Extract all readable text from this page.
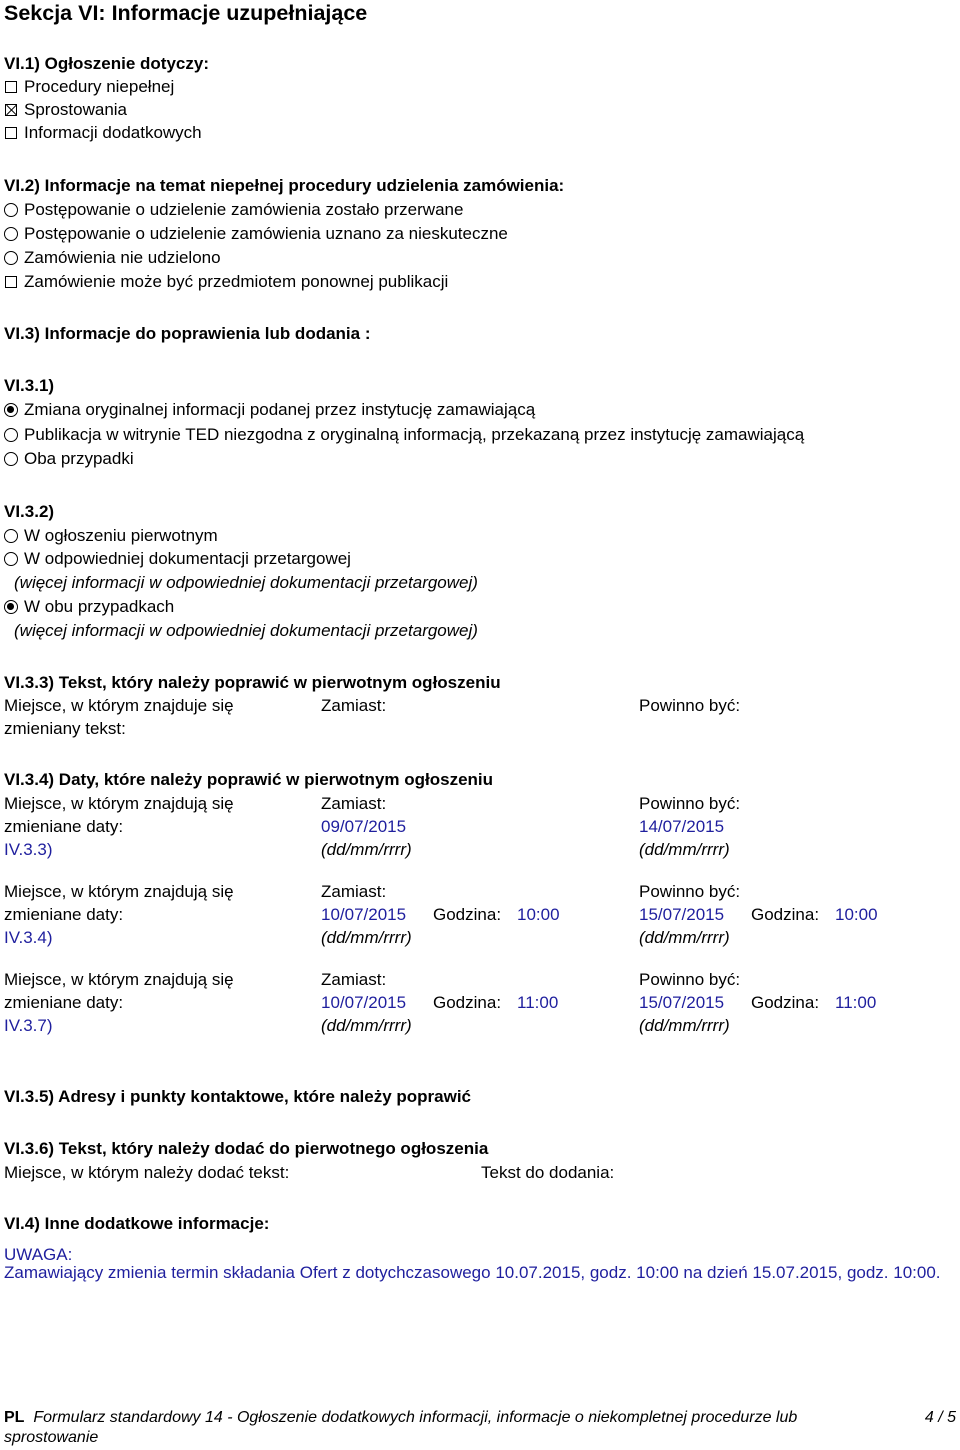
Sekcja VI: Informacje uzupełniające
VI.1) Ogłoszenie dotyczy:
Procedury niepełnej
Sprostowania
Informacji dodatkowych
VI.2) Informacje na temat niepełnej procedury udzielenia zamówienia:
Postępowanie o udzielenie zamówienia zostało przerwane
Postępowanie o udzielenie zamówienia uznano za nieskuteczne
Zamówienia nie udzielono
Zamówienie może być przedmiotem ponownej publikacji
VI.3) Informacje do poprawienia lub dodania :
VI.3.1)
Zmiana oryginalnej informacji podanej przez instytucję zamawiającą
Publikacja w witrynie TED niezgodna z oryginalną informacją, przekazaną przez instytucję zamawiającą
Oba przypadki
VI.3.2)
W ogłoszeniu pierwotnym
W odpowiedniej dokumentacji przetargowej
(więcej informacji w odpowiedniej dokumentacji przetargowej)
W obu przypadkach
(więcej informacji w odpowiedniej dokumentacji przetargowej)
VI.3.3) Tekst, który należy poprawić w pierwotnym ogłoszeniu
Miejsce, w którym znajduje się	Zamiast:	Powinno być:
zmieniany tekst:
VI.3.4) Daty, które należy poprawić w pierwotnym ogłoszeniu
Miejsce, w którym znajdują się	Zamiast:	Powinno być:
zmieniane daty:	09/07/2015	14/07/2015
IV.3.3)	(dd/mm/rrrr)	(dd/mm/rrrr)
Miejsce, w którym znajdują się	Zamiast:	Powinno być:
zmieniane daty:	10/07/2015 Godzina: 10:00	15/07/2015 Godzina: 10:00
IV.3.4)	(dd/mm/rrrr)	(dd/mm/rrrr)
Miejsce, w którym znajdują się	Zamiast:	Powinno być:
zmieniane daty:	10/07/2015 Godzina: 11:00	15/07/2015 Godzina: 11:00
IV.3.7)	(dd/mm/rrrr)	(dd/mm/rrrr)
VI.3.5) Adresy i punkty kontaktowe, które należy poprawić
VI.3.6) Tekst, który należy dodać do pierwotnego ogłoszenia
Miejsce, w którym należy dodać tekst:	Tekst do dodania:
VI.4) Inne dodatkowe informacje:
UWAGA:
Zamawiający zmienia termin składania Ofert z dotychczasowego 10.07.2015, godz. 10:00 na dzień 15.07.2015, godz. 10:00.
PL Formularz standardowy 14 - Ogłoszenie dodatkowych informacji, informacje o niekompletnej procedurze lub sprostowanie
4 / 5
